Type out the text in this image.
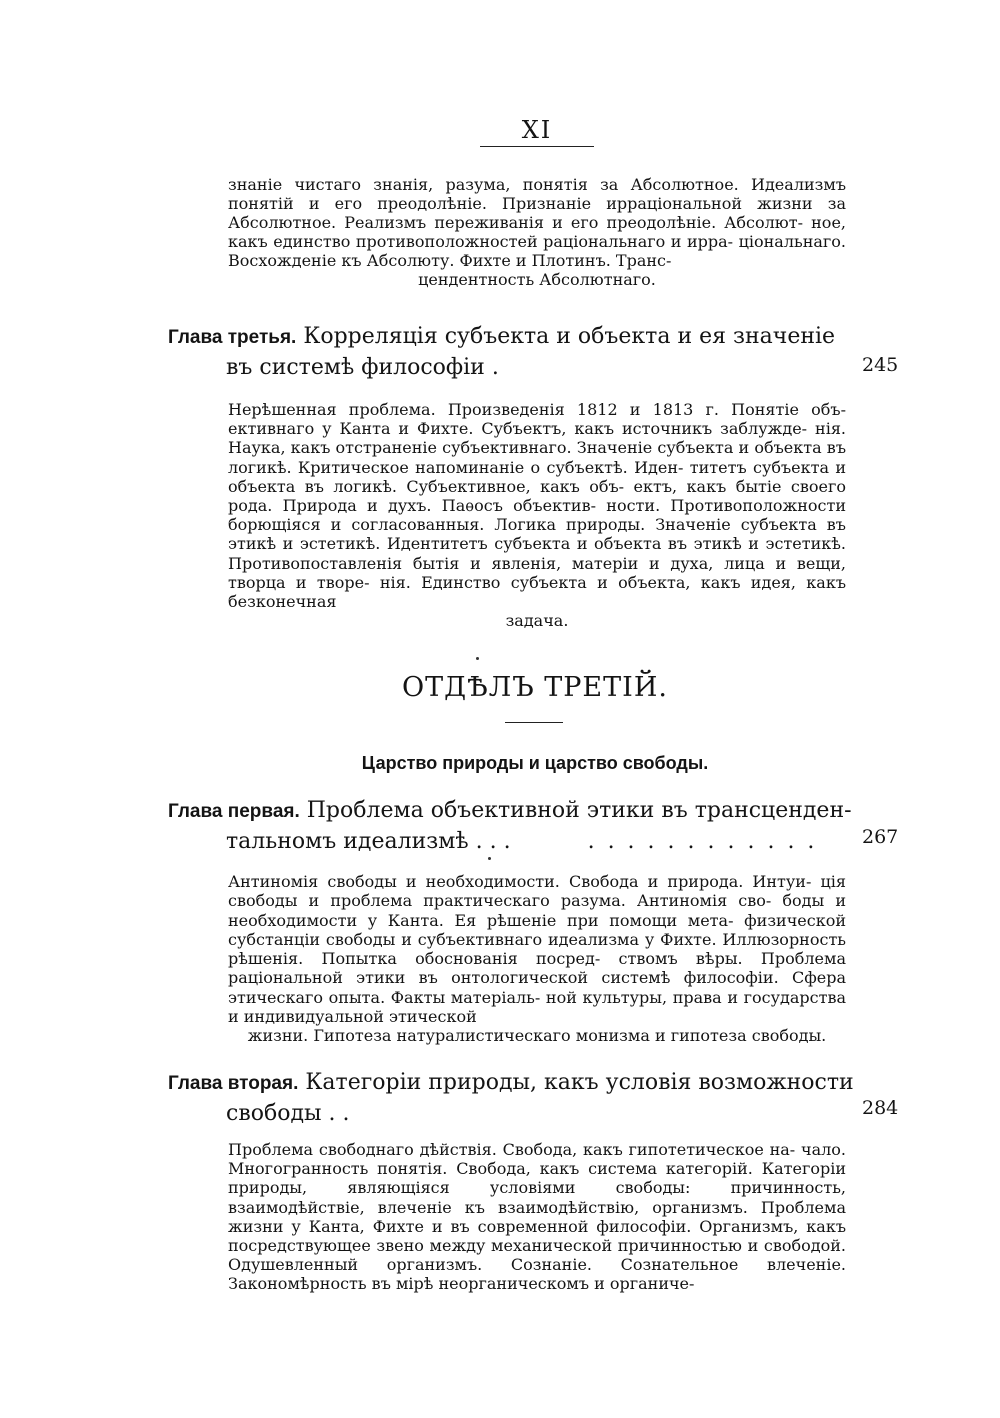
XI
знаніе чистаго знанія, разума, понятія за Абсолютное. Идеализмъ понятій и его преодолѣніе. Признаніе ирраціональной жизни за Абсолютное. Реализмъ переживанія и его преодолѣніе. Абсолют- ное, какъ единство противоположностей раціональнаго и ирра- ціональнаго. Восхожденіе къ Абсолюту. Фихте и Плотинъ. Транс-
цендентность Абсолютнаго.
Глава третья. Корреляція субъекта и объекта и ея значеніе
въ системѣ философіи .	245
Нерѣшенная проблема. Произведенія 1812 и 1813 г. Понятіе объ- ективнаго у Канта и Фихте. Субъектъ, какъ источникъ заблужде- нія. Наука, какъ отстраненіе субъективнаго. Значеніе субъекта и объекта въ логикѣ. Критическое напоминаніе о субъектѣ. Иден- титетъ субъекта и объекта въ логикѣ. Субъективное, какъ объ- ектъ, какъ бытіе своего рода. Природа и духъ. Паѳосъ объектив- ности. Противоположности борющіяся и согласованныя. Логика природы. Значеніе субъекта въ этикѣ и эстетикѣ. Идентитетъ субъекта и объекта въ этикѣ и эстетикѣ. Противопоставленія бытія и явленія, матеріи и духа, лица и вещи, творца и творе- нія. Единство субъекта и объекта, какъ идея, какъ безконечная
задача.
ОТДѢЛЪ ТРЕТІЙ.
Царство природы и царство свободы.
Глава первая. Проблема объективной этики въ трансценден-
тальномъ идеализмѣ . . .	. . . . . . . . . . . .	267
Антиномія свободы и необходимости. Свобода и природа. Интуи- ція свободы и проблема практическаго разума. Антиномія сво- боды и необходимости у Канта. Ея рѣшеніе при помощи мета- физической субстанціи свободы и субъективнаго идеализма у Фихте. Иллюзорность рѣшенія. Попытка обоснованія посред- ствомъ вѣры. Проблема раціональной этики въ онтологической системѣ философіи. Сфера этическаго опыта. Факты матеріаль- ной культуры, права и государства и индивидуальной этической
жизни. Гипотеза натуралистическаго монизма и гипотеза свободы.
Глава вторая. Категоріи природы, какъ условія возможности
свободы . .	284
Проблема свободнаго дѣйствія. Свобода, какъ гипотетическое на- чало. Многогранность понятія. Свобода, какъ система категорій. Категоріи природы, являющіяся условіями свободы: причинность, взаимодѣйствіе, влеченіе къ взаимодѣйствію, организмъ. Проблема жизни у Канта, Фихте и въ современной философіи. Организмъ, какъ посредствующее звено между механической причинностью и свободой. Одушевленный организмъ. Сознаніе. Сознательное влеченіе. Закономѣрность въ мірѣ неорганическомъ и органиче-
